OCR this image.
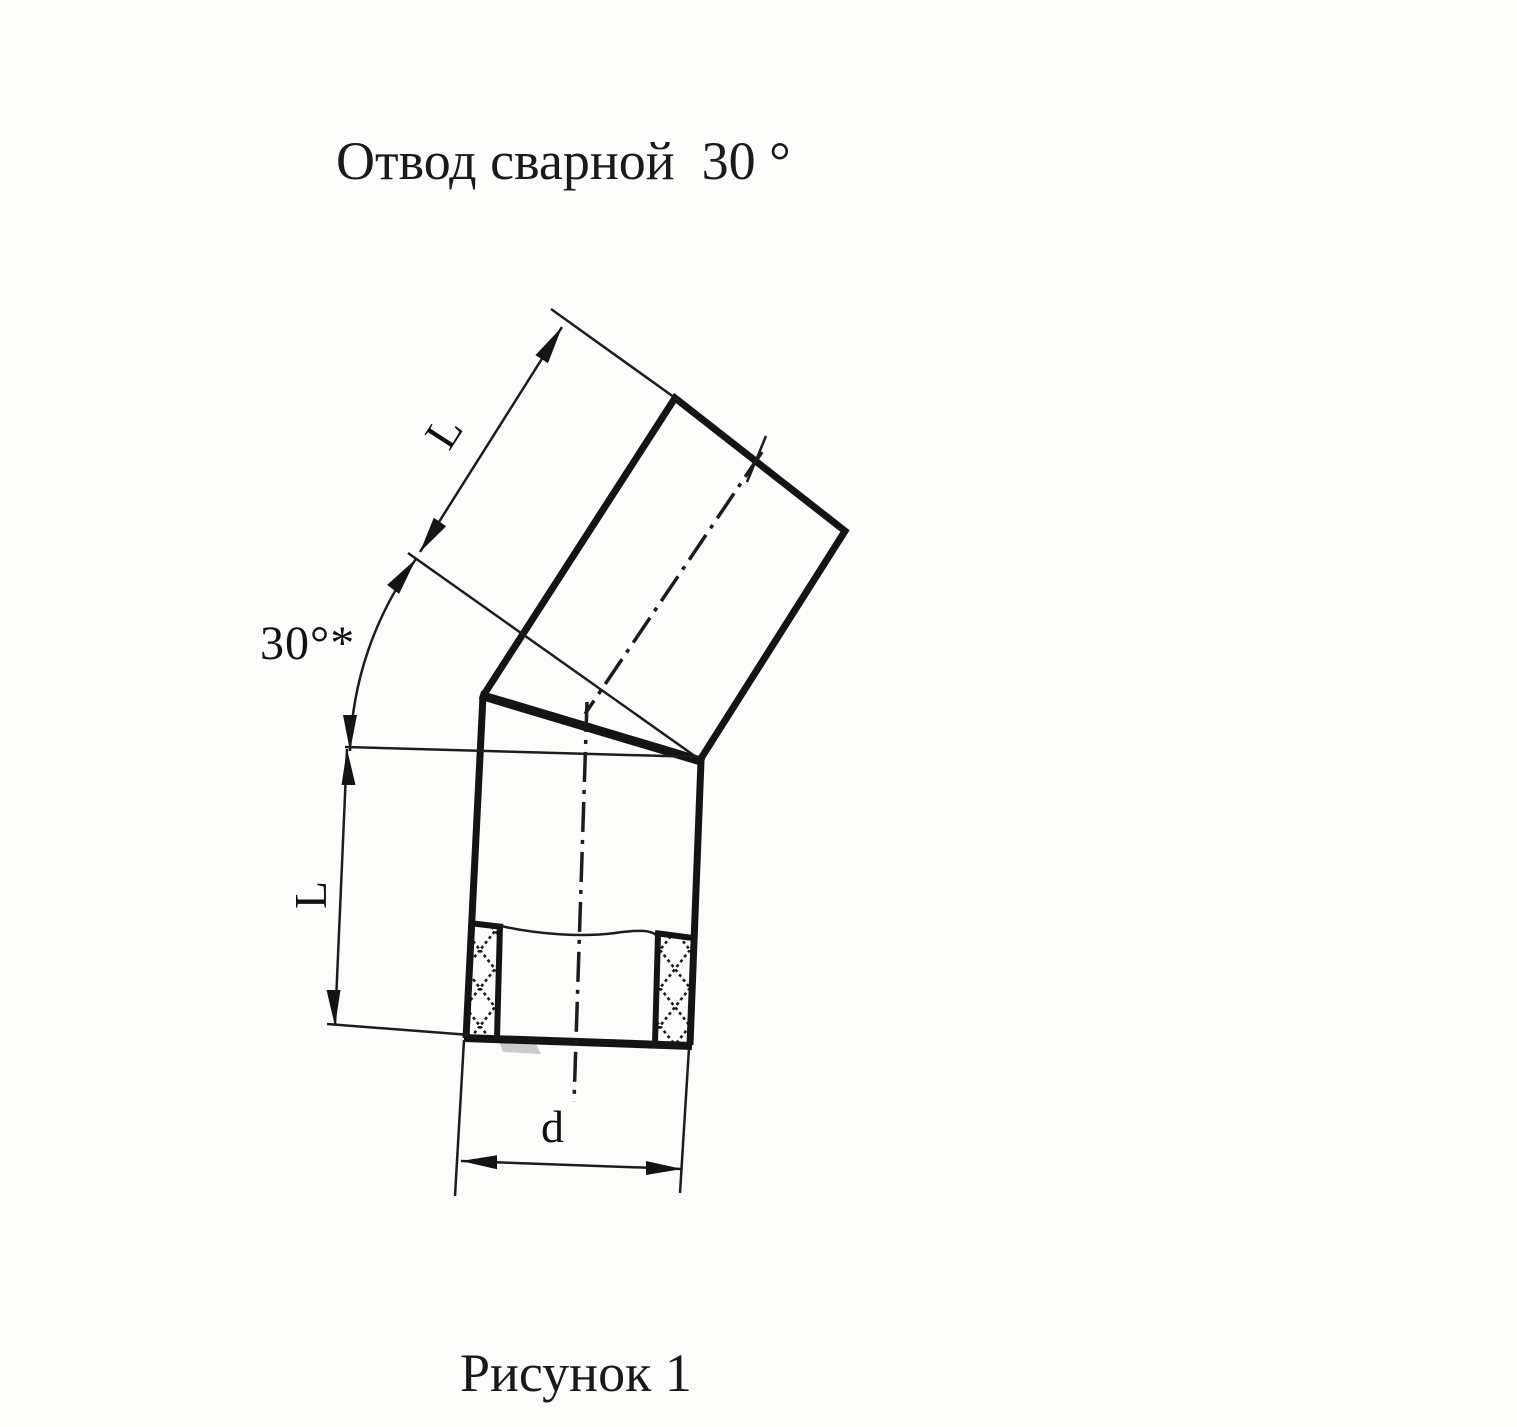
Отвод сварной  30 °
L
30°*
L
d
Рисунок 1
